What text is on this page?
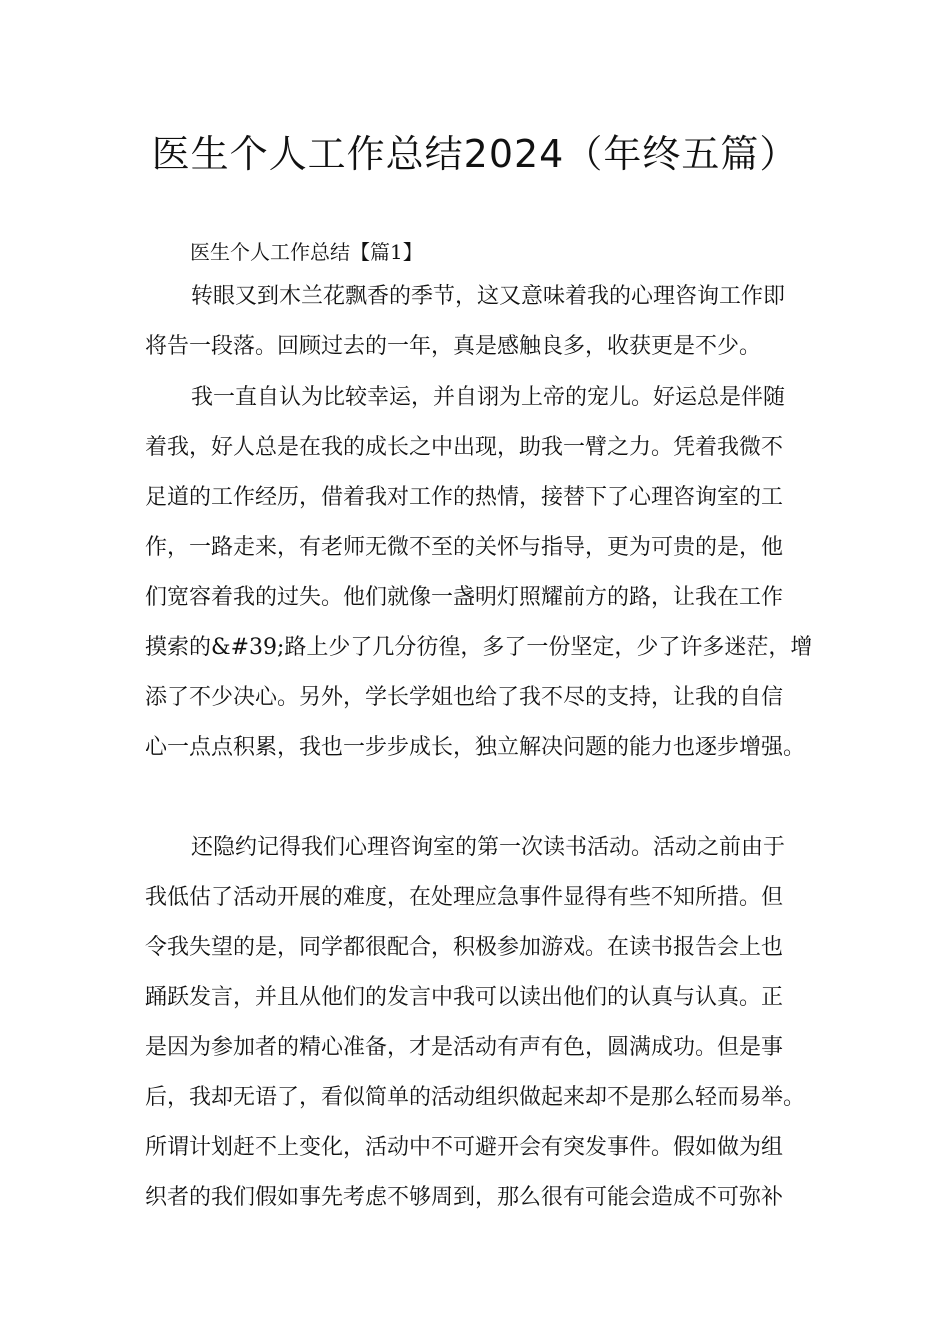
医生个人工作总结2024（年终五篇）
医生个人工作总结【篇1】
转眼又到木兰花飘香的季节，这又意味着我的心理咨询工作即
将告一段落。回顾过去的一年，真是感触良多，收获更是不少。
我一直自认为比较幸运，并自诩为上帝的宠儿。好运总是伴随
着我，好人总是在我的成长之中出现，助我一臂之力。凭着我微不
足道的工作经历，借着我对工作的热情，接替下了心理咨询室的工
作，一路走来，有老师无微不至的关怀与指导，更为可贵的是，他
们宽容着我的过失。他们就像一盏明灯照耀前方的路，让我在工作
摸索的&#39;路上少了几分彷徨，多了一份坚定，少了许多迷茫，增
添了不少决心。另外，学长学姐也给了我不尽的支持，让我的自信
心一点点积累，我也一步步成长，独立解决问题的能力也逐步增强。
还隐约记得我们心理咨询室的第一次读书活动。活动之前由于
我低估了活动开展的难度，在处理应急事件显得有些不知所措。但
令我失望的是，同学都很配合，积极参加游戏。在读书报告会上也
踊跃发言，并且从他们的发言中我可以读出他们的认真与认真。正
是因为参加者的精心准备，才是活动有声有色，圆满成功。但是事
后，我却无语了，看似简单的活动组织做起来却不是那么轻而易举。
所谓计划赶不上变化，活动中不可避开会有突发事件。假如做为组
织者的我们假如事先考虑不够周到，那么很有可能会造成不可弥补
